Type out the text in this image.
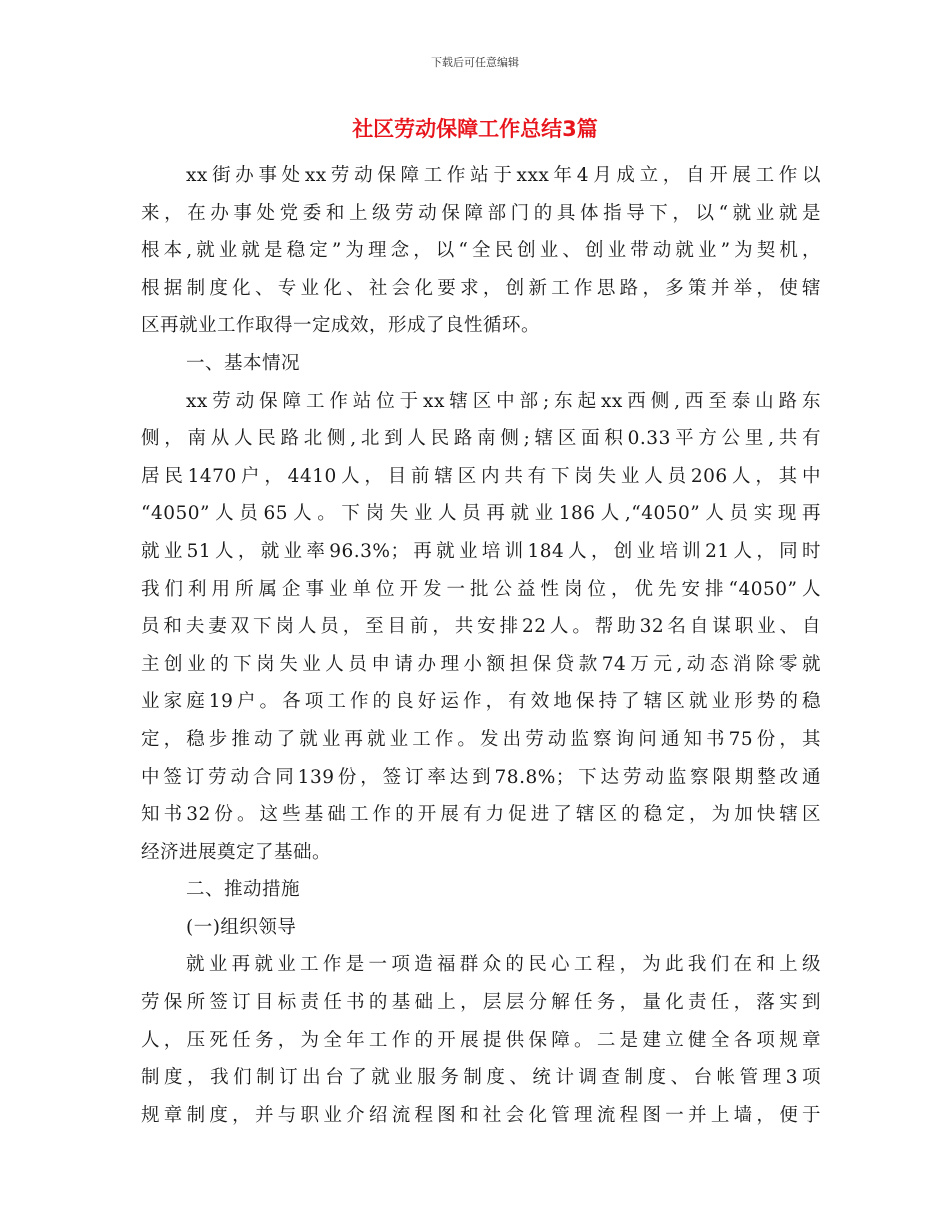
下载后可任意编辑
社区劳动保障工作总结3篇
xx街办事处xx劳动保障工作站于xxx年4月成立，自开展工作以
来，在办事处党委和上级劳动保障部门的具体指导下，以“就业就是
根本,就业就是稳定”为理念，以“全民创业、创业带动就业”为契机，
根据制度化、专业化、社会化要求，创新工作思路，多策并举，使辖
区再就业工作取得一定成效，形成了良性循环。
一、基本情况
xx劳动保障工作站位于xx辖区中部;东起xx西侧,西至泰山路东
侧，南从人民路北侧,北到人民路南侧;辖区面积0.33平方公里,共有
居民1470户，4410人，目前辖区内共有下岗失业人员206人，其中
“4050”人员65人。下岗失业人员再就业186人,“4050”人员实现再
就业51人，就业率96.3%；再就业培训184人，创业培训21人，同时
我们利用所属企事业单位开发一批公益性岗位，优先安排“4050”人
员和夫妻双下岗人员，至目前，共安排22人。帮助32名自谋职业、自
主创业的下岗失业人员申请办理小额担保贷款74万元,动态消除零就
业家庭19户。各项工作的良好运作，有效地保持了辖区就业形势的稳
定，稳步推动了就业再就业工作。发出劳动监察询问通知书75份，其
中签订劳动合同139份，签订率达到78.8%；下达劳动监察限期整改通
知书32份。这些基础工作的开展有力促进了辖区的稳定，为加快辖区
经济进展奠定了基础。
二、推动措施
(一)组织领导
就业再就业工作是一项造福群众的民心工程，为此我们在和上级
劳保所签订目标责任书的基础上，层层分解任务，量化责任，落实到
人，压死任务，为全年工作的开展提供保障。二是建立健全各项规章
制度，我们制订出台了就业服务制度、统计调查制度、台帐管理3项
规章制度，并与职业介绍流程图和社会化管理流程图一并上墙，便于
